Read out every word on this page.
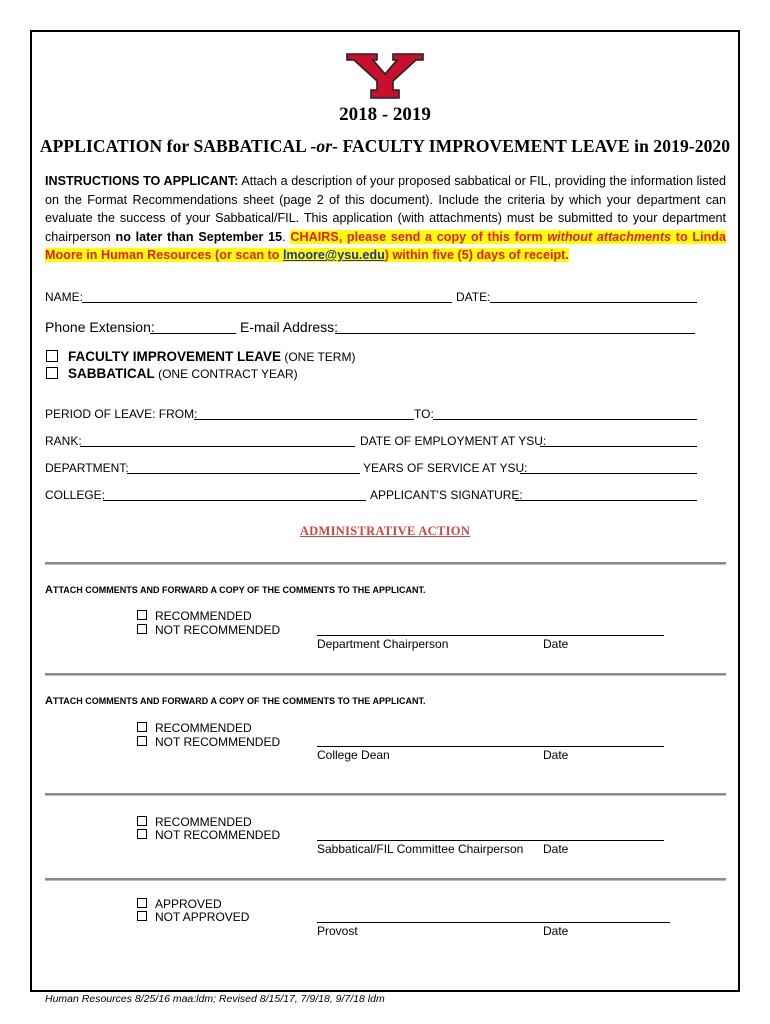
2018 - 2019
APPLICATION for SABBATICAL -or- FACULTY IMPROVEMENT LEAVE in 2019-2020
INSTRUCTIONS TO APPLICANT: Attach a description of your proposed sabbatical or FIL, providing the information listed on the Format Recommendations sheet (page 2 of this document). Include the criteria by which your department can evaluate the success of your Sabbatical/FIL. This application (with attachments) must be submitted to your department chairperson no later than September 15. CHAIRS, please send a copy of this form without attachments to Linda Moore in Human Resources (or scan to lmoore@ysu.edu) within five (5) days of receipt.
NAME:	DATE:
Phone Extension:	E-mail Address:
FACULTY IMPROVEMENT LEAVE (ONE TERM)
SABBATICAL (ONE CONTRACT YEAR)
PERIOD OF LEAVE: FROM:	TO:
RANK:	DATE OF EMPLOYMENT AT YSU:
DEPARTMENT:	YEARS OF SERVICE AT YSU:
COLLEGE:	APPLICANT'S SIGNATURE:
ADMINISTRATIVE ACTION
ATTACH COMMENTS AND FORWARD A COPY OF THE COMMENTS TO THE APPLICANT.
RECOMMENDED
NOT RECOMMENDED
Department Chairperson	Date
ATTACH COMMENTS AND FORWARD A COPY OF THE COMMENTS TO THE APPLICANT.
RECOMMENDED
NOT RECOMMENDED
College Dean	Date
RECOMMENDED
NOT RECOMMENDED
Sabbatical/FIL Committee Chairperson Date
APPROVED
NOT APPROVED
Provost	Date
Human Resources 8/25/16 maa:ldm; Revised 8/15/17, 7/9/18, 9/7/18 ldm
